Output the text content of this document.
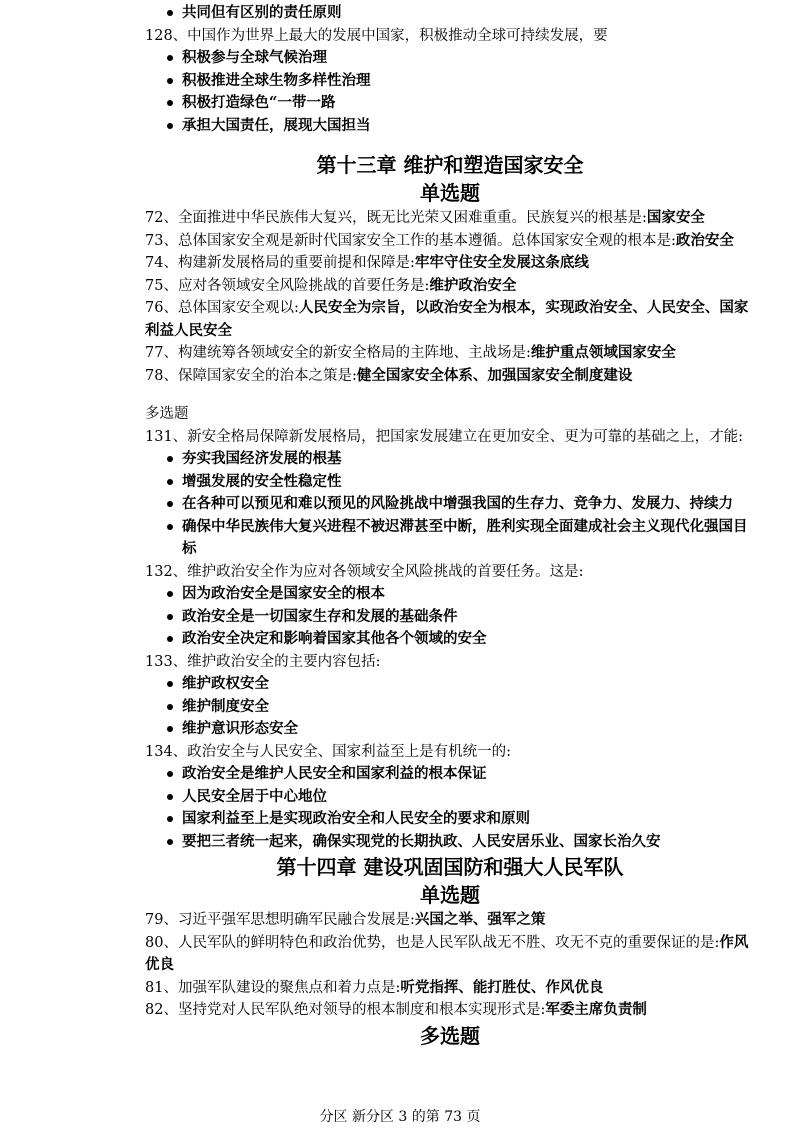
共同但有区别的责任原则
128、中国作为世界上最大的发展中国家，积极推动全球可持续发展，要
积极参与全球气候治理
积极推进全球生物多样性治理
积极打造绿色“一带一路
承担大国责任，展现大国担当
第十三章 维护和塑造国家安全
单选题
72、全面推进中华民族伟大复兴，既无比光荣又困难重重。民族复兴的根基是:国家安全
73、总体国家安全观是新时代国家安全工作的基本遵循。总体国家安全观的根本是:政治安全
74、构建新发展格局的重要前提和保障是:牢牢守住安全发展这条底线
75、应对各领域安全风险挑战的首要任务是:维护政治安全
76、总体国家安全观以:人民安全为宗旨，以政治安全为根本，实现政治安全、人民安全、国家利益人民安全
77、构建统筹各领域安全的新安全格局的主阵地、主战场是:维护重点领域国家安全
78、保障国家安全的治本之策是:健全国家安全体系、加强国家安全制度建设
多选题
131、新安全格局保障新发展格局，把国家发展建立在更加安全、更为可靠的基础之上，才能:
夯实我国经济发展的根基
增强发展的安全性稳定性
在各种可以预见和难以预见的风险挑战中增强我国的生存力、竞争力、发展力、持续力
确保中华民族伟大复兴进程不被迟滞甚至中断，胜利实现全面建成社会主义现代化强国目标
132、维护政治安全作为应对各领域安全风险挑战的首要任务。这是:
因为政治安全是国家安全的根本
政治安全是一切国家生存和发展的基础条件
政治安全决定和影响着国家其他各个领域的安全
133、维护政治安全的主要内容包括:
维护政权安全
维护制度安全
维护意识形态安全
134、政治安全与人民安全、国家利益至上是有机统一的:
政治安全是维护人民安全和国家利益的根本保证
人民安全居于中心地位
国家利益至上是实现政治安全和人民安全的要求和原则
要把三者统一起来，确保实现党的长期执政、人民安居乐业、国家长治久安
第十四章 建设巩固国防和强大人民军队
单选题
79、习近平强军思想明确军民融合发展是:兴国之举、强军之策
80、人民军队的鲜明特色和政治优势，也是人民军队战无不胜、攻无不克的重要保证的是:作风优良
81、加强军队建设的聚焦点和着力点是:听党指挥、能打胜仗、作风优良
82、坚持党对人民军队绝对领导的根本制度和根本实现形式是:军委主席负责制
多选题
分区 新分区 3 的第 73 页
